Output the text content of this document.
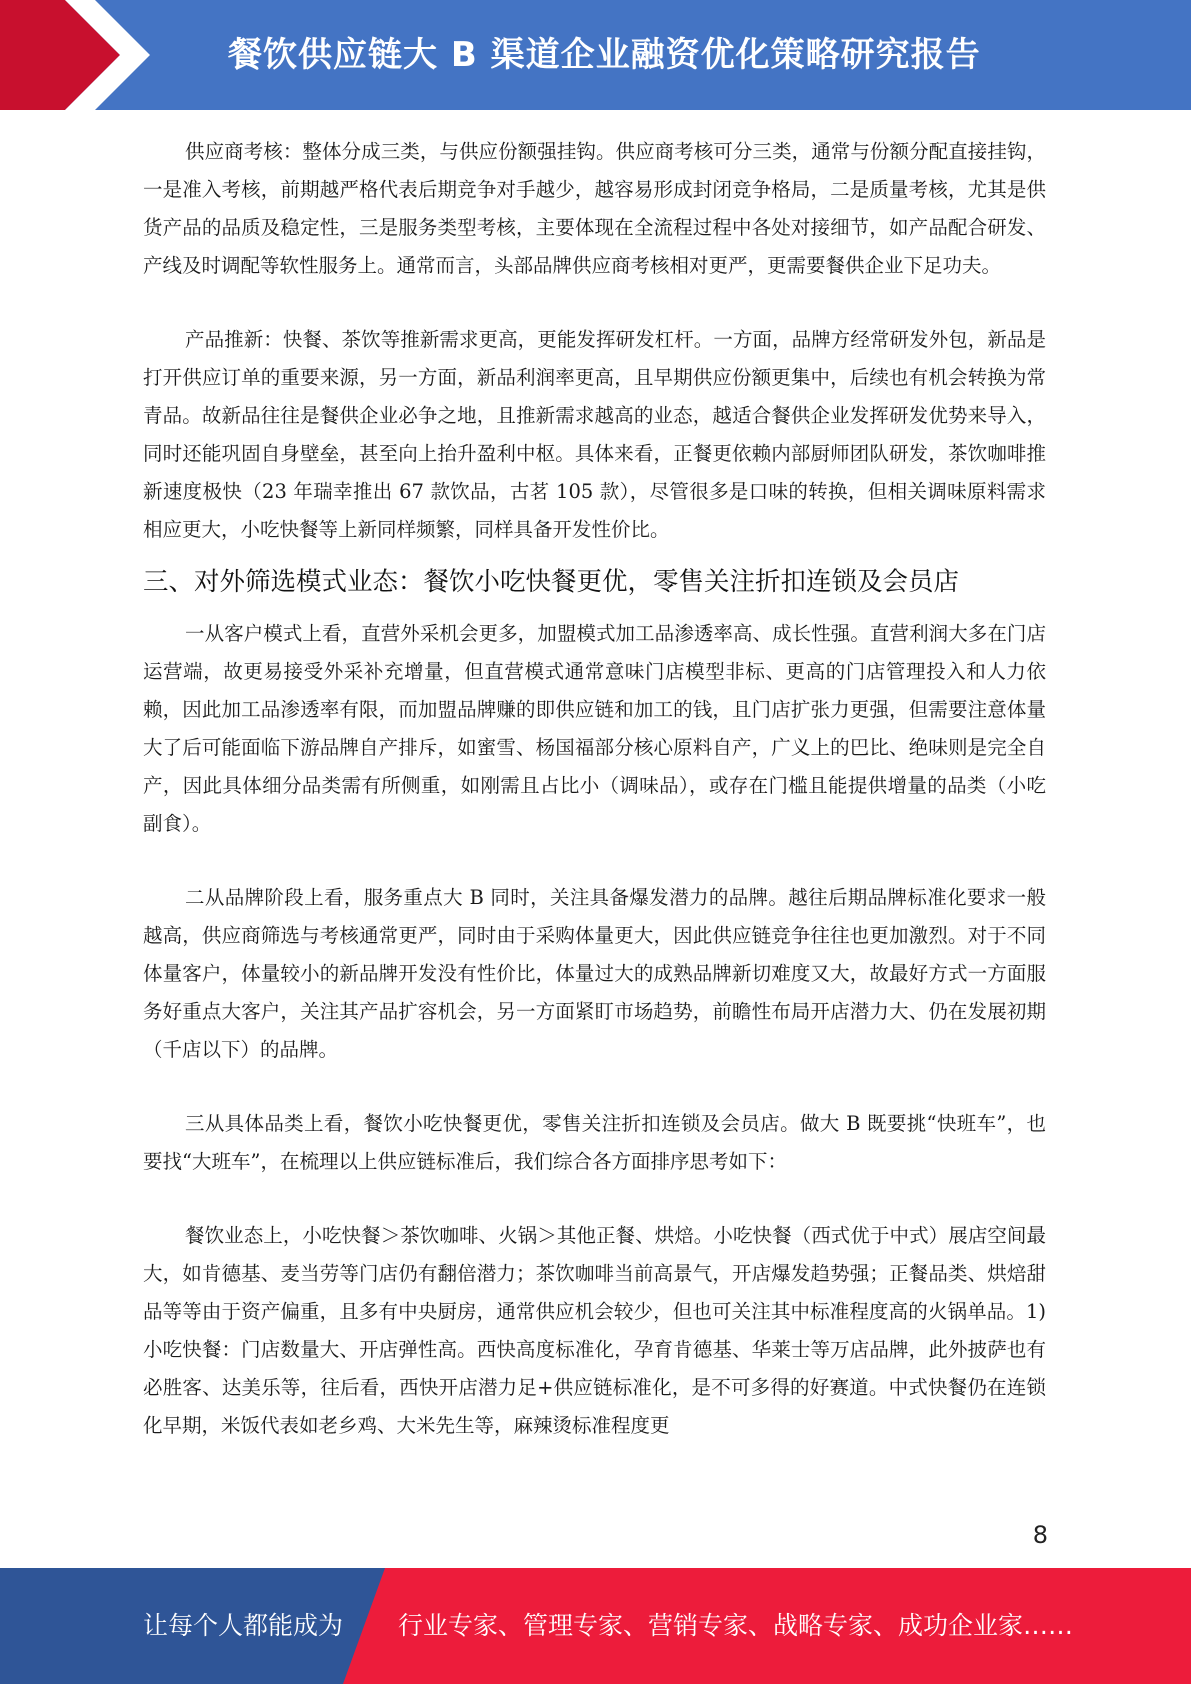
餐饮供应链大 B 渠道企业融资优化策略研究报告

供应商考核：整体分成三类，与供应份额强挂钩。供应商考核可分三类，通常与份额分配直接挂钩，一是准入考核，前期越严格代表后期竞争对手越少，越容易形成封闭竞争格局，二是质量考核，尤其是供货产品的品质及稳定性，三是服务类型考核，主要体现在全流程过程中各处对接细节，如产品配合研发、产线及时调配等软性服务上。通常而言，头部品牌供应商考核相对更严，更需要餐供企业下足功夫。

产品推新：快餐、茶饮等推新需求更高，更能发挥研发杠杆。一方面，品牌方经常研发外包，新品是打开供应订单的重要来源，另一方面，新品利润率更高，且早期供应份额更集中，后续也有机会转换为常青品。故新品往往是餐供企业必争之地，且推新需求越高的业态，越适合餐供企业发挥研发优势来导入，同时还能巩固自身壁垒，甚至向上抬升盈利中枢。具体来看，正餐更依赖内部厨师团队研发，茶饮咖啡推新速度极快（23 年瑞幸推出 67 款饮品，古茗 105 款），尽管很多是口味的转换，但相关调味原料需求相应更大，小吃快餐等上新同样频繁，同样具备开发性价比。

三、对外筛选模式业态：餐饮小吃快餐更优，零售关注折扣连锁及会员店

一从客户模式上看，直营外采机会更多，加盟模式加工品渗透率高、成长性强。直营利润大多在门店运营端，故更易接受外采补充增量，但直营模式通常意味门店模型非标、更高的门店管理投入和人力依赖，因此加工品渗透率有限，而加盟品牌赚的即供应链和加工的钱，且门店扩张力更强，但需要注意体量大了后可能面临下游品牌自产排斥，如蜜雪、杨国福部分核心原料自产，广义上的巴比、绝味则是完全自产，因此具体细分品类需有所侧重，如刚需且占比小（调味品），或存在门槛且能提供增量的品类（小吃副食）。

二从品牌阶段上看，服务重点大 B 同时，关注具备爆发潜力的品牌。越往后期品牌标准化要求一般越高，供应商筛选与考核通常更严，同时由于采购体量更大，因此供应链竞争往往也更加激烈。对于不同体量客户，体量较小的新品牌开发没有性价比，体量过大的成熟品牌新切难度又大，故最好方式一方面服务好重点大客户，关注其产品扩容机会，另一方面紧盯市场趋势，前瞻性布局开店潜力大、仍在发展初期（千店以下）的品牌。

三从具体品类上看，餐饮小吃快餐更优，零售关注折扣连锁及会员店。做大 B 既要挑“快班车”，也要找“大班车”，在梳理以上供应链标准后，我们综合各方面排序思考如下：

餐饮业态上，小吃快餐＞茶饮咖啡、火锅＞其他正餐、烘焙。小吃快餐（西式优于中式）展店空间最大，如肯德基、麦当劳等门店仍有翻倍潜力；茶饮咖啡当前高景气，开店爆发趋势强；正餐品类、烘焙甜品等等由于资产偏重，且多有中央厨房，通常供应机会较少，但也可关注其中标准程度高的火锅单品。1)小吃快餐：门店数量大、开店弹性高。西快高度标准化，孕育肯德基、华莱士等万店品牌，此外披萨也有必胜客、达美乐等，往后看，西快开店潜力足+供应链标准化，是不可多得的好赛道。中式快餐仍在连锁化早期，米饭代表如老乡鸡、大米先生等，麻辣烫标准程度更

8
让每个人都能成为 行业专家、管理专家、营销专家、战略专家、成功企业家……
